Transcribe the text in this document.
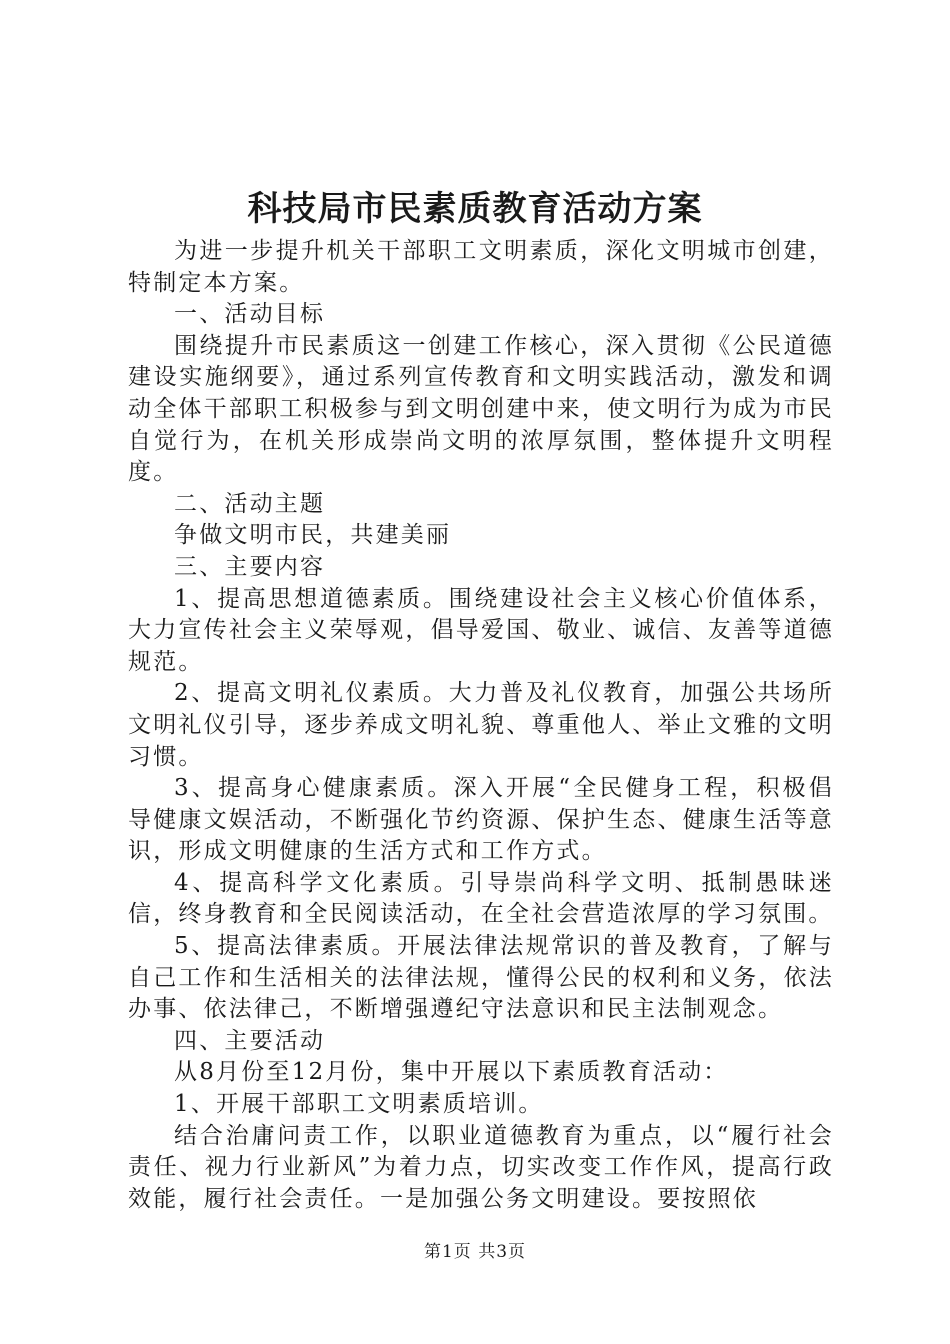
科技局市民素质教育活动方案

为进一步提升机关干部职工文明素质，深化文明城市创建，特制定本方案。

一、活动目标

围绕提升市民素质这一创建工作核心，深入贯彻《公民道德建设实施纲要》，通过系列宣传教育和文明实践活动，激发和调动全体干部职工积极参与到文明创建中来，使文明行为成为市民自觉行为，在机关形成崇尚文明的浓厚氛围，整体提升文明程度。

二、活动主题

争做文明市民，共建美丽

三、主要内容

1、提高思想道德素质。围绕建设社会主义核心价值体系，大力宣传社会主义荣辱观，倡导爱国、敬业、诚信、友善等道德规范。

2、提高文明礼仪素质。大力普及礼仪教育，加强公共场所文明礼仪引导，逐步养成文明礼貌、尊重他人、举止文雅的文明习惯。

3、提高身心健康素质。深入开展“全民健身工程，积极倡导健康文娱活动，不断强化节约资源、保护生态、健康生活等意识，形成文明健康的生活方式和工作方式。

4、提高科学文化素质。引导崇尚科学文明、抵制愚昧迷信，终身教育和全民阅读活动，在全社会营造浓厚的学习氛围。

5、提高法律素质。开展法律法规常识的普及教育，了解与自己工作和生活相关的法律法规，懂得公民的权利和义务，依法办事、依法律己，不断增强遵纪守法意识和民主法制观念。

四、主要活动

从8月份至12月份，集中开展以下素质教育活动：

1、开展干部职工文明素质培训。

结合治庸问责工作，以职业道德教育为重点，以“履行社会责任、视力行业新风”为着力点，切实改变工作作风，提高行政效能，履行社会责任。一是加强公务文明建设。要按照依

第1页 共3页
